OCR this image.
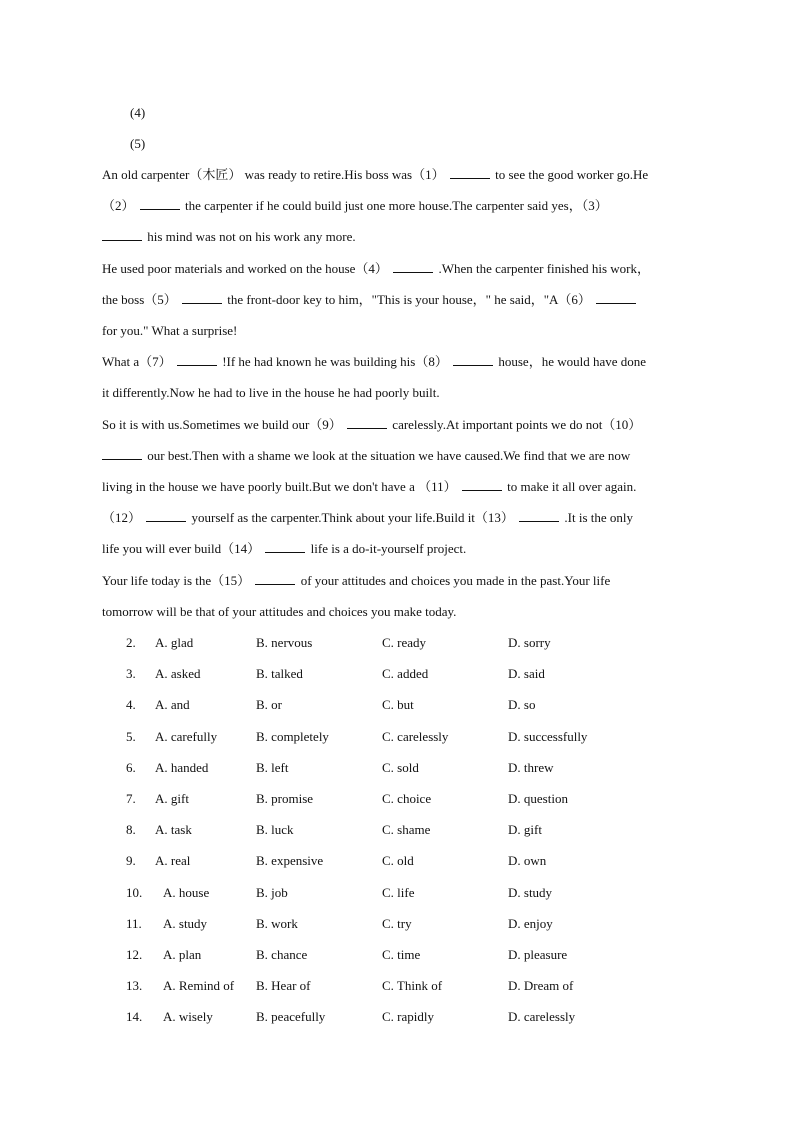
(4)
(5)
An old carpenter（木匠） was ready to retire.His boss was（1）	to see the good worker go.He
（2）	the carpenter if he could build just one more house.The carpenter said yes，（3）
his mind was not on his work any more.
He used poor materials and worked on the house（4）	.When the carpenter finished his work，
the boss（5）	the front-door key to him，"This is your house，" he said，"A（6）
for you." What a surprise!
What a（7）	!If he had known he was building his（8）	house，he would have done
it differently.Now he had to live in the house he had poorly built.
So it is with us.Sometimes we build our（9）	carelessly.At important points we do not（10）
our best.Then with a shame we look at the situation we have caused.We find that we are now
living in the house we have poorly built.But we don't have a （11）	to make it all over again.
（12）	yourself as the carpenter.Think about your life.Build it（13）	.It is the only
life you will ever build（14）	life is a do-it-yourself project.
Your life today is the（15）	of your attitudes and choices you made in the past.Your life
tomorrow will be that of your attitudes and choices you make today.
2. A. glad	B. nervous	C. ready	D. sorry
3. A. asked	B. talked	C. added	D. said
4. A. and	B. or	C. but	D. so
5. A. carefully	B. completely	C. carelessly	D. successfully
6. A. handed	B. left	C. sold	D. threw
7. A. gift	B. promise	C. choice	D. question
8. A. task	B. luck	C. shame	D. gift
9. A. real	B. expensive	C. old	D. own
10. A. house	B. job	C. life	D. study
11. A. study	B. work	C. try	D. enjoy
12. A. plan	B. chance	C. time	D. pleasure
13. A. Remind of B. Hear of	C. Think of	D. Dream of
14. A. wisely	B. peacefully	C. rapidly	D. carelessly
